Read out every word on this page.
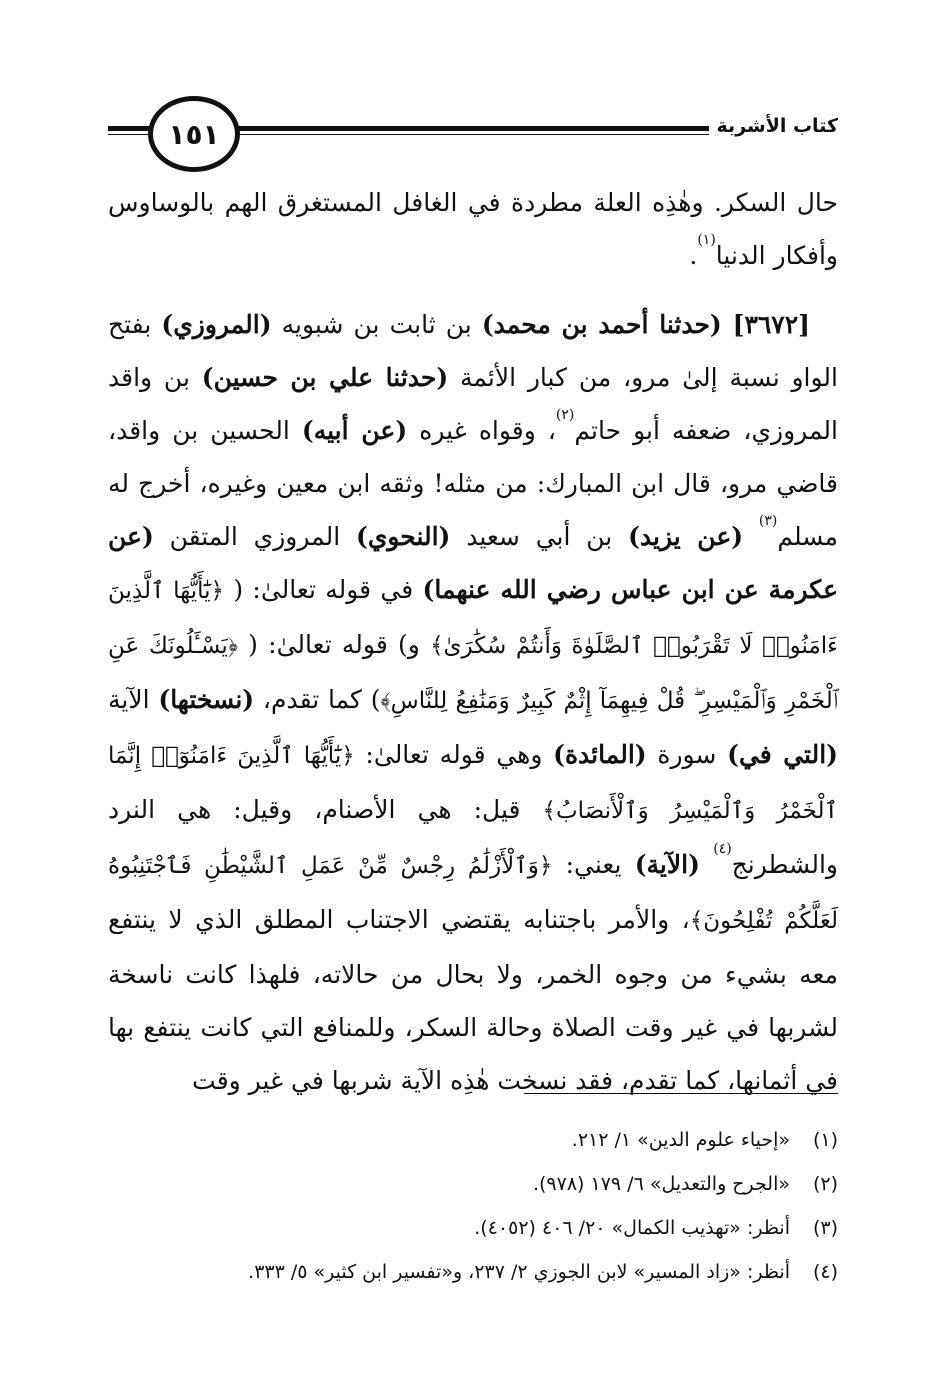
١٥١	كتاب الأشربة

حال السكر. وهٰذِه العلة مطردة في الغافل المستغرق الهم بالوساوس وأفكار الدنيا$^{(١)}$.

[٣٦٧٢] (حدثنا أحمد بن محمد) بن ثابت بن شبويه (المروزي) بفتح الواو نسبة إلىٰ مرو، من كبار الأئمة (حدثنا علي بن حسين) بن واقد المروزي، ضعفه أبو حاتم$^{(٢)}$، وقواه غيره (عن أبيه) الحسين بن واقد، قاضي مرو، قال ابن المبارك: من مثله! وثقه ابن معين وغيره، أخرج له مسلم$^{(٣)}$ (عن يزيد) بن أبي سعيد (النحوي) المروزي المتقن (عن عكرمة عن ابن عباس رضي الله عنهما) في قوله تعالىٰ: ( ﴿يَٰٓأَيُّهَا ٱلَّذِينَ ءَامَنُوا۟ لَا تَقْرَبُوا۟ ٱلصَّلَوٰةَ وَأَنتُمْ سُكَٰرَىٰ﴾ و) قوله تعالىٰ: ( ﴿يَسْـَٔلُونَكَ عَنِ ٱلْخَمْرِ وَٱلْمَيْسِرِ ۖ قُلْ فِيهِمَآ إِثْمٌ كَبِيرٌ وَمَنَٰفِعُ لِلنَّاسِ﴾) كما تقدم، (نسختها) الآية (التي في) سورة (المائدة) وهي قوله تعالىٰ: ﴿يَٰٓأَيُّهَا ٱلَّذِينَ ءَامَنُوٓا۟ إِنَّمَا ٱلْخَمْرُ وَٱلْمَيْسِرُ وَٱلْأَنصَابُ﴾ قيل: هي الأصنام، وقيل: هي النرد والشطرنج$^{(٤)}$ (الآية) يعني: ﴿وَٱلْأَزْلَٰمُ رِجْسٌ مِّنْ عَمَلِ ٱلشَّيْطَٰنِ فَٱجْتَنِبُوهُ لَعَلَّكُمْ تُفْلِحُونَ﴾، والأمر باجتنابه يقتضي الاجتناب المطلق الذي لا ينتفع معه بشيء من وجوه الخمر، ولا بحال من حالاته، فلهذا كانت ناسخة لشربها في غير وقت الصلاة وحالة السكر، وللمنافع التي كانت ينتفع بها في أثمانها، كما تقدم، فقد نسخت هٰذِه الآية شربها في غير وقت

(١)
«إحياء علوم الدين» ١/ ٢١٢.
(٢)
«الجرح والتعديل» ٦/ ١٧٩ (٩٧٨).
(٣)
أنظر: «تهذيب الكمال» ٢٠/ ٤٠٦ (٤٠٥٢).
(٤)
أنظر: «زاد المسير» لابن الجوزي ٢/ ٢٣٧، و«تفسير ابن كثير» ٥/ ٣٣٣.
